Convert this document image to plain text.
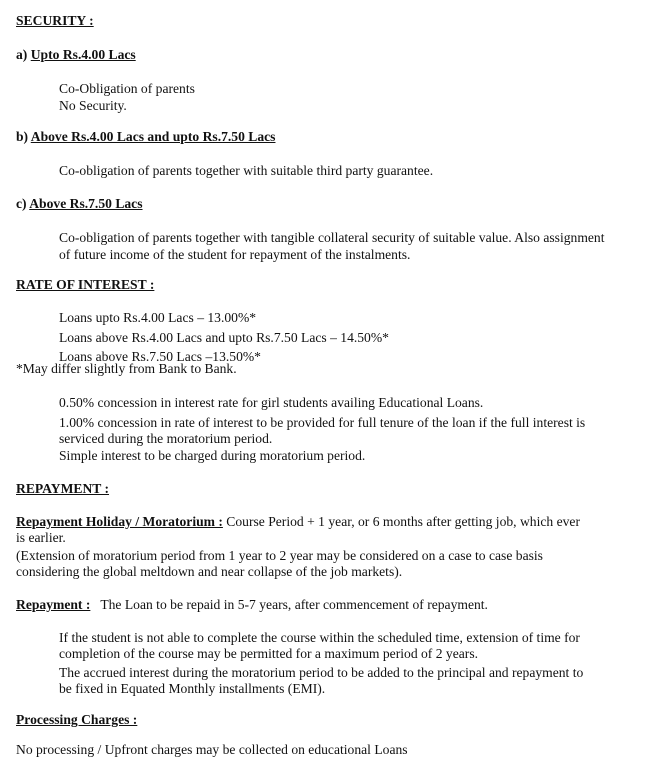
SECURITY :
a) Upto Rs.4.00 Lacs
Co-Obligation of parents
No Security.
b) Above Rs.4.00 Lacs and upto Rs.7.50 Lacs
Co-obligation of parents together with suitable third party guarantee.
c) Above Rs.7.50 Lacs
Co-obligation of parents together with tangible collateral security of suitable value. Also assignment
of future income of the student for repayment of the instalments.
RATE OF INTEREST :
Loans upto Rs.4.00 Lacs – 13.00%*
Loans above Rs.4.00 Lacs and upto Rs.7.50 Lacs – 14.50%*
Loans above Rs.7.50 Lacs –13.50%*
*May differ slightly from Bank to Bank.
0.50% concession in interest rate for girl students availing Educational Loans.
1.00% concession in rate of interest to be provided for full tenure of the loan if the full interest is
serviced during the moratorium period.
Simple interest to be charged during moratorium period.
REPAYMENT :
Repayment Holiday / Moratorium : Course Period + 1 year, or 6 months after getting job, which ever
is earlier.
(Extension of moratorium period from 1 year to 2 year may be considered on a case to case basis
considering the global meltdown and near collapse of the job markets).
Repayment :   The Loan to be repaid in 5-7 years, after commencement of repayment.
If the student is not able to complete the course within the scheduled time, extension of time for
completion of the course may be permitted for a maximum period of 2 years.
The accrued interest during the moratorium period to be added to the principal and repayment to
be fixed in Equated Monthly installments (EMI).
Processing Charges :
No processing / Upfront charges may be collected on educational Loans
